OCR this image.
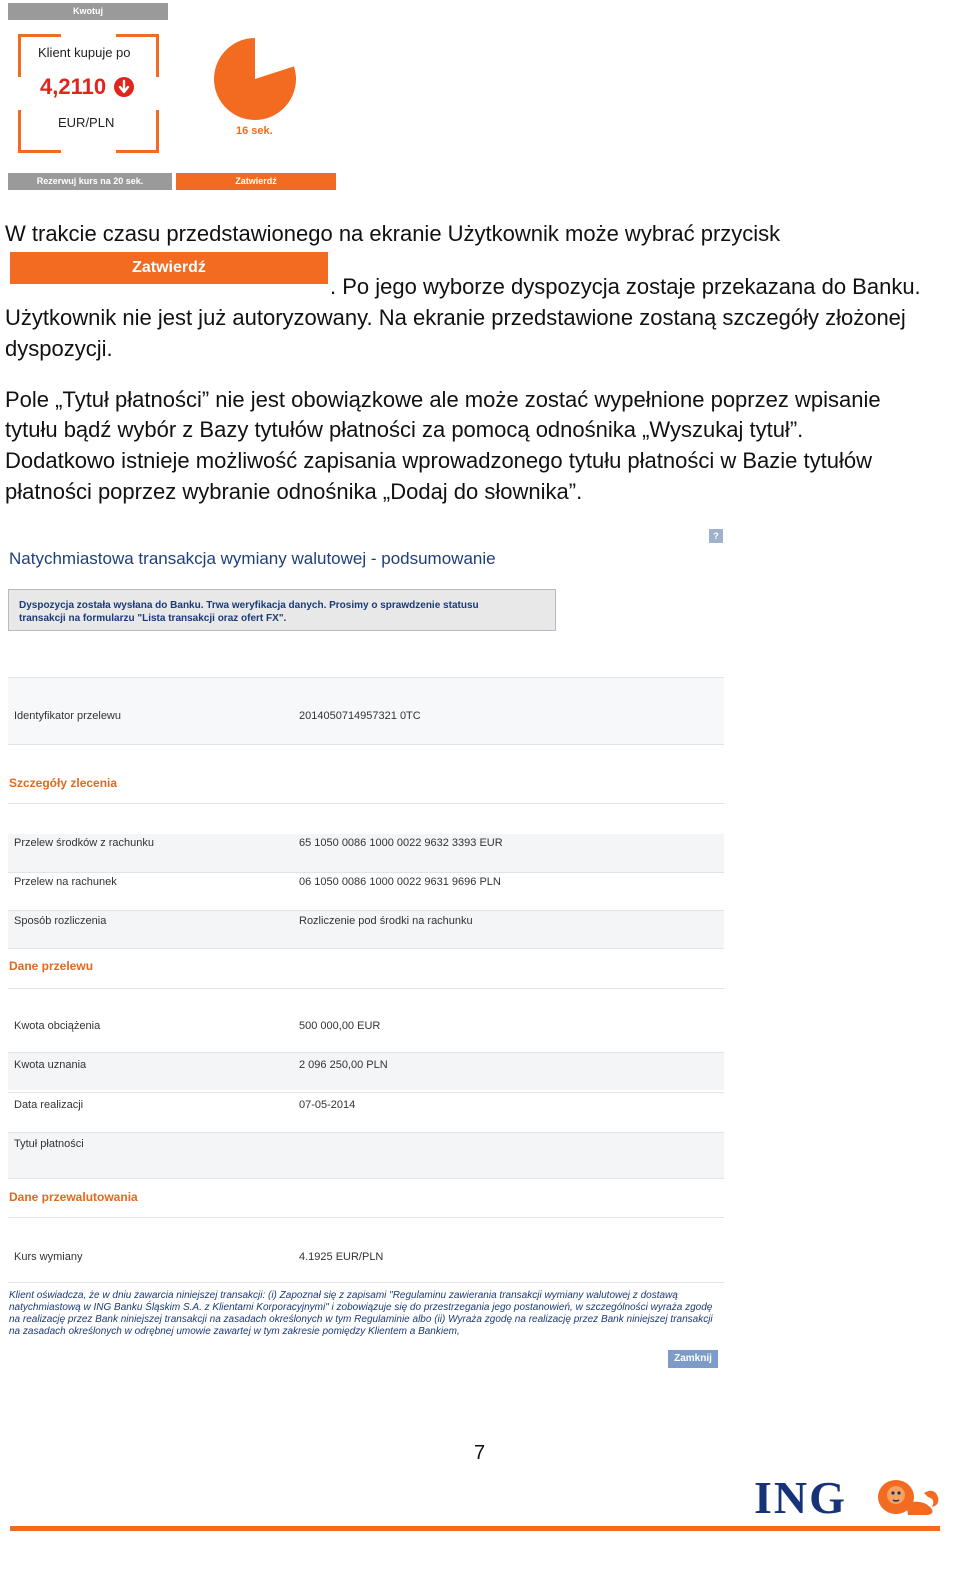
Kwotuj
Klient kupuje po
4,2110
EUR/PLN
16 sek.
Rezerwuj kurs na 20 sek.	Zatwierdź
W trakcie czasu przedstawionego na ekranie Użytkownik może wybrać przycisk
Zatwierdź
. Po jego wyborze dyspozycja zostaje przekazana do Banku.
Użytkownik nie jest już autoryzowany. Na ekranie przedstawione zostaną szczegóły złożonej
dyspozycji.
Pole „Tytuł płatności” nie jest obowiązkowe ale może zostać wypełnione poprzez wpisanie
tytułu bądź wybór z Bazy tytułów płatności za pomocą odnośnika „Wyszukaj tytuł”.
Dodatkowo istnieje możliwość zapisania wprowadzonego tytułu płatności w Bazie tytułów
płatności poprzez wybranie odnośnika „Dodaj do słownika”.
?
Natychmiastowa transakcja wymiany walutowej - podsumowanie
Dyspozycja została wysłana do Banku. Trwa weryfikacja danych. Prosimy o sprawdzenie statusu
transakcji na formularzu "Lista transakcji oraz ofert FX".
Identyfikator przelewu	2014050714957321 0TC
Szczegóły zlecenia
Przelew środków z rachunku	65 1050 0086 1000 0022 9632 3393 EUR
Przelew na rachunek	06 1050 0086 1000 0022 9631 9696 PLN
Sposób rozliczenia	Rozliczenie pod środki na rachunku
Dane przelewu
Kwota obciążenia	500 000,00 EUR
Kwota uznania	2 096 250,00 PLN
Data realizacji	07-05-2014
Tytuł płatności
Dane przewalutowania
Kurs wymiany	4.1925 EUR/PLN
Klient oświadcza, że w dniu zawarcia niniejszej transakcji: (i) Zapoznał się z zapisami "Regulaminu zawierania transakcji wymiany walutowej z dostawą natychmiastową w ING Banku Śląskim S.A. z Klientami Korporacyjnymi" i zobowiązuje się do przestrzegania jego postanowień, w szczególności wyraża zgodę na realizację przez Bank niniejszej transakcji na zasadach określonych w tym Regulaminie albo (ii) Wyraża zgodę na realizację przez Bank niniejszej transakcji na zasadach określonych w odrębnej umowie zawartej w tym zakresie pomiędzy Klientem a Bankiem,
Zamknij
7
ING
